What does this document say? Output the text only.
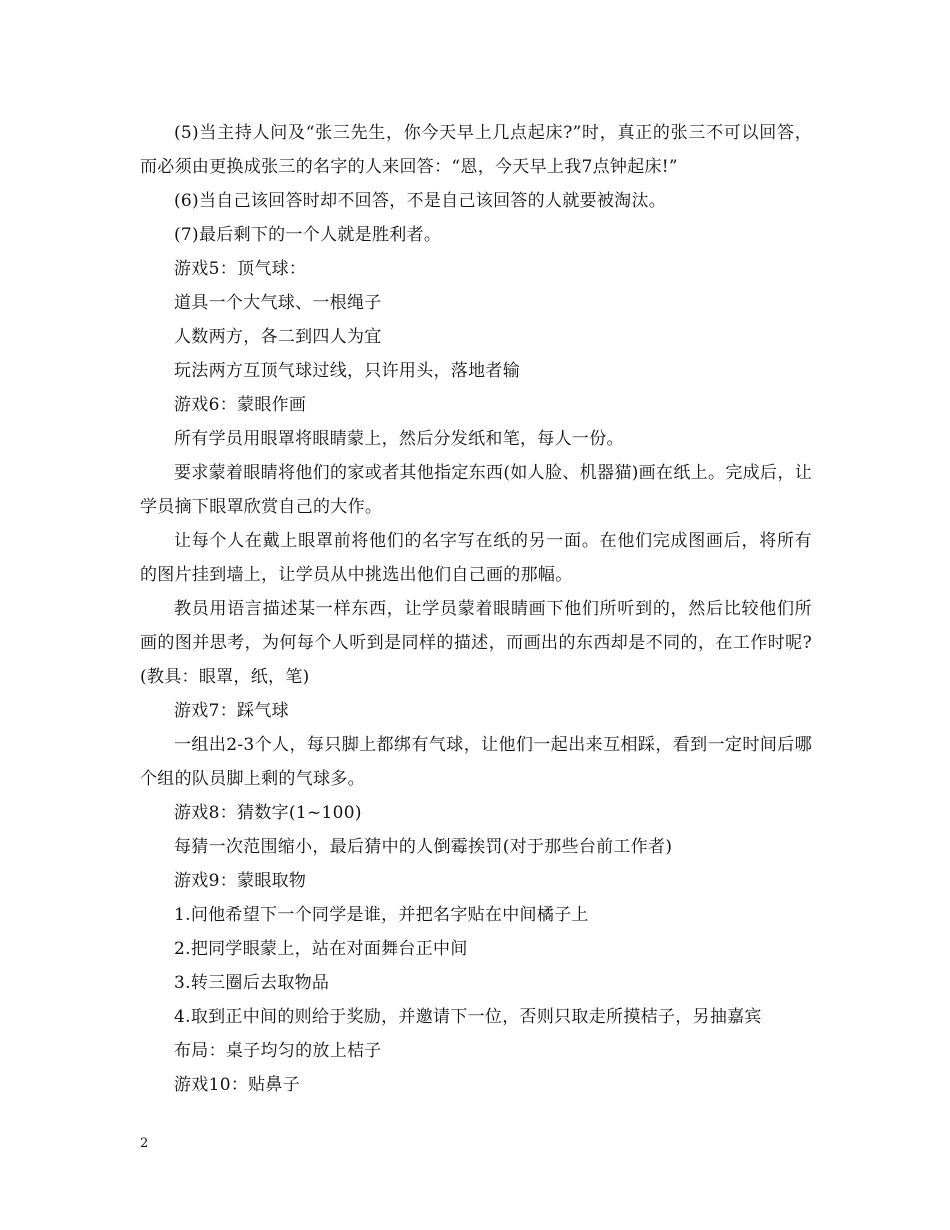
(5)当主持人问及“张三先生，你今天早上几点起床?”时，真正的张三不可以回答，而必须由更换成张三的名字的人来回答：“恩，今天早上我7点钟起床!”

(6)当自己该回答时却不回答，不是自己该回答的人就要被淘汰。

(7)最后剩下的一个人就是胜利者。

游戏5：顶气球：

道具一个大气球、一根绳子

人数两方，各二到四人为宜

玩法两方互顶气球过线，只许用头，落地者输

游戏6：蒙眼作画

所有学员用眼罩将眼睛蒙上，然后分发纸和笔，每人一份。

要求蒙着眼睛将他们的家或者其他指定东西(如人脸、机器猫)画在纸上。完成后，让学员摘下眼罩欣赏自己的大作。

让每个人在戴上眼罩前将他们的名字写在纸的另一面。在他们完成图画后，将所有的图片挂到墙上，让学员从中挑选出他们自己画的那幅。

教员用语言描述某一样东西，让学员蒙着眼睛画下他们所听到的，然后比较他们所画的图并思考，为何每个人听到是同样的描述，而画出的东西却是不同的，在工作时呢?(教具：眼罩，纸，笔)

游戏7：踩气球

一组出2-3个人，每只脚上都绑有气球，让他们一起出来互相踩，看到一定时间后哪个组的队员脚上剩的气球多。

游戏8：猜数字(1~100)

每猜一次范围缩小，最后猜中的人倒霉挨罚(对于那些台前工作者)

游戏9：蒙眼取物

1.问他希望下一个同学是谁，并把名字贴在中间橘子上

2.把同学眼蒙上，站在对面舞台正中间

3.转三圈后去取物品

4.取到正中间的则给于奖励，并邀请下一位，否则只取走所摸桔子，另抽嘉宾

布局：桌子均匀的放上桔子

游戏10：贴鼻子

2
